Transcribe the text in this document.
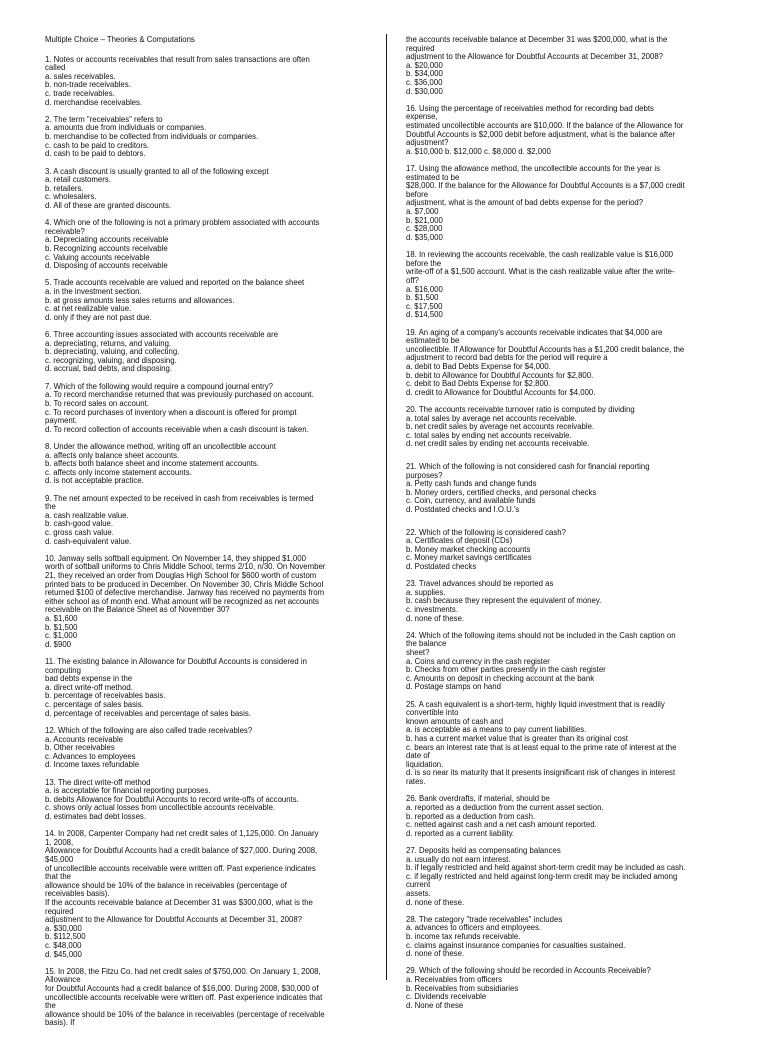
Multiple Choice – Theories & Computations
1. Notes or accounts receivables that result from sales transactions are often
called
a. sales receivables.
b. non-trade receivables.
c. trade receivables.
d. merchandise receivables.
2. The term "receivables" refers to
a. amounts due from individuals or companies.
b. merchandise to be collected from individuals or companies.
c. cash to be paid to creditors.
d. cash to be paid to debtors.
3. A cash discount is usually granted to all of the following except
a. retail customers.
b. retailers.
c. wholesalers.
d. All of these are granted discounts.
4. Which one of the following is not a primary problem associated with accounts
receivable?
a. Depreciating accounts receivable
b. Recognizing accounts receivable
c. Valuing accounts receivable
d. Disposing of accounts receivable
5. Trade accounts receivable are valued and reported on the balance sheet
a. in the investment section.
b. at gross amounts less sales returns and allowances.
c. at net realizable value.
d. only if they are not past due.
6. Three accounting issues associated with accounts receivable are
a. depreciating, returns, and valuing.
b. depreciating, valuing, and collecting.
c. recognizing, valuing, and disposing.
d. accrual, bad debts, and disposing.
7. Which of the following would require a compound journal entry?
a. To record merchandise returned that was previously purchased on account.
b. To record sales on account.
c. To record purchases of inventory when a discount is offered for prompt
payment.
d. To record collection of accounts receivable when a cash discount is taken.
8. Under the allowance method, writing off an uncollectible account
a. affects only balance sheet accounts.
b. affects both balance sheet and income statement accounts.
c. affects only income statement accounts.
d. is not acceptable practice.
9. The net amount expected to be received in cash from receivables is termed
the
a. cash realizable value.
b. cash-good value.
c. gross cash value.
d. cash-equivalent value.
10. Janway sells softball equipment. On November 14, they shipped $1,000
worth of softball uniforms to Chris Middle School, terms 2/10, n/30. On November
21, they received an order from Douglas High School for $600 worth of custom
printed bats to be produced in December. On November 30, Chris Middle School
returned $100 of defective merchandise. Janway has received no payments from
either school as of month end. What amount will be recognized as net accounts
receivable on the Balance Sheet as of November 30?
a. $1,600
b. $1,500
c. $1,000
d. $900
11. The existing balance in Allowance for Doubtful Accounts is considered in
computing
bad debts expense in the
a. direct write-off method.
b. percentage of receivables basis.
c. percentage of sales basis.
d. percentage of receivables and percentage of sales basis.
12. Which of the following are also called trade receivables?
a. Accounts receivable
b. Other receivables
c. Advances to employees
d. Income taxes refundable
13. The direct write-off method
a. is acceptable for financial reporting purposes.
b. debits Allowance for Doubtful Accounts to record write-offs of accounts.
c. shows only actual losses from uncollectible accounts receivable.
d. estimates bad debt losses.
14. In 2008, Carpenter Company had net credit sales of 1,125,000. On January
1, 2008,
Allowance for Doubtful Accounts had a credit balance of $27,000. During 2008,
$45,000
of uncollectible accounts receivable were written off. Past experience indicates
that the
allowance should be 10% of the balance in receivables (percentage of
receivables basis).
If the accounts receivable balance at December 31 was $300,000, what is the
required
adjustment to the Allowance for Doubtful Accounts at December 31, 2008?
a. $30,000
b. $112,500
c. $48,000
d. $45,000
15. In 2008, the Fitzu Co. had net credit sales of $750,000. On January 1, 2008,
Allowance
for Doubtful Accounts had a credit balance of $16,000. During 2008, $30,000 of
uncollectible accounts receivable were written off. Past experience indicates that
the
allowance should be 10% of the balance in receivables (percentage of receivable
basis). If
the accounts receivable balance at December 31 was $200,000, what is the
required
adjustment to the Allowance for Doubtful Accounts at December 31, 2008?
a. $20,000
b. $34,000
c. $36,000
d. $30,000
16. Using the percentage of receivables method for recording bad debts
expense,
estimated uncollectible accounts are $10,000. If the balance of the Allowance for
Doubtful Accounts is $2,000 debit before adjustment, what is the balance after
adjustment?
a. $10,000 b. $12,000 c. $8,000 d. $2,000
17. Using the allowance method, the uncollectible accounts for the year is
estimated to be
$28,000. If the balance for the Allowance for Doubtful Accounts is a $7,000 credit
before
adjustment, what is the amount of bad debts expense for the period?
a. $7,000
b. $21,000
c. $28,000
d. $35,000
18. In reviewing the accounts receivable, the cash realizable value is $16,000
before the
write-off of a $1,500 account. What is the cash realizable value after the write-
off?
a. $16,000
b. $1,500
c. $17,500
d. $14,500
19. An aging of a company's accounts receivable indicates that $4,000 are
estimated to be
uncollectible. If Allowance for Doubtful Accounts has a $1,200 credit balance, the
adjustment to record bad debts for the period will require a
a. debit to Bad Debts Expense for $4,000.
b. debit to Allowance for Doubtful Accounts for $2,800.
c. debit to Bad Debts Expense for $2,800.
d. credit to Allowance for Doubtful Accounts for $4,000.
20. The accounts receivable turnover ratio is computed by dividing
a. total sales by average net accounts receivable.
b. net credit sales by average net accounts receivable.
c. total sales by ending net accounts receivable.
d. net credit sales by ending net accounts receivable.
21. Which of the following is not considered cash for financial reporting
purposes?
a. Petty cash funds and change funds
b. Money orders, certified checks, and personal checks
c. Coin, currency, and available funds
d. Postdated checks and I.O.U.'s
22. Which of the following is considered cash?
a. Certificates of deposit (CDs)
b. Money market checking accounts
c. Money market savings certificates
d. Postdated checks
23. Travel advances should be reported as
a. supplies.
b. cash because they represent the equivalent of money.
c. investments.
d. none of these.
24. Which of the following items should not be included in the Cash caption on
the balance
sheet?
a. Coins and currency in the cash register
b. Checks from other parties presently in the cash register
c. Amounts on deposit in checking account at the bank
d. Postage stamps on hand
25. A cash equivalent is a short-term, highly liquid investment that is readily
convertible into
known amounts of cash and
a. is acceptable as a means to pay current liabilities.
b. has a current market value that is greater than its original cost
c. bears an interest rate that is at least equal to the prime rate of interest at the
date of
liquidation.
d. is so near its maturity that it presents insignificant risk of changes in interest
rates.
26. Bank overdrafts, if material, should be
a. reported as a deduction from the current asset section.
b. reported as a deduction from cash.
c. netted against cash and a net cash amount reported.
d. reported as a current liability.
27. Deposits held as compensating balances
a. usually do not earn interest.
b. if legally restricted and held against short-term credit may be included as cash.
c. if legally restricted and held against long-term credit may be included among
current
assets.
d. none of these.
28. The category "trade receivables" includes
a. advances to officers and employees.
b. income tax refunds receivable.
c. claims against insurance companies for casualties sustained.
d. none of these.
29. Which of the following should be recorded in Accounts Receivable?
a. Receivables from officers
b. Receivables from subsidiaries
c. Dividends receivable
d. None of these
